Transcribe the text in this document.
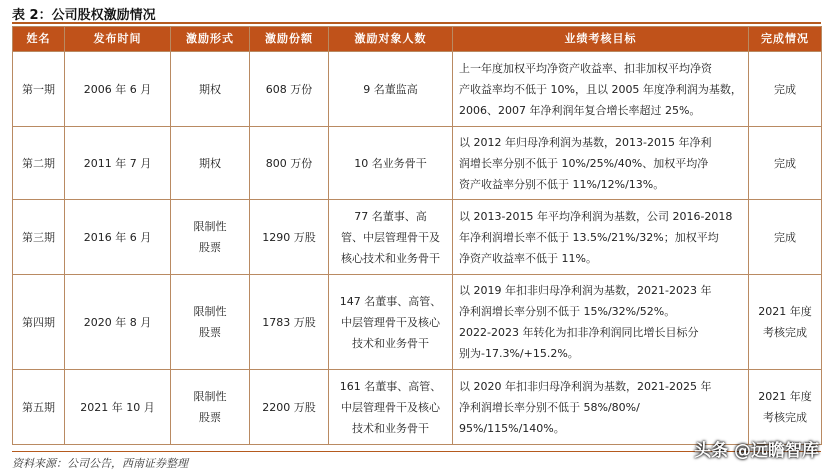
表 2：公司股权激励情况
姓名	发布时间	激励形式	激励份额	激励对象人数	业绩考核目标	完成情况
第一期	2006 年 6 月	期权	608 万份	9 名董监高	上一年度加权平均净资产收益率、扣非加权平均净资
产收益率均不低于 10%，且以 2005 年度净利润为基数，
2006、2007 年净利润年复合增长率超过 25%。	完成

第二期	2011 年 7 月	期权	800 万份	10 名业务骨干	以 2012 年归母净利润为基数，2013-2015 年净利
润增长率分别不低于 10%/25%/40%、加权平均净
资产收益率分别不低于 11%/12%/13%。	完成

第三期	2016 年 6 月	限制性
股票	1290 万股	77 名董事、高
管、中层管理骨干及
核心技术和业务骨干	以 2013-2015 年平均净利润为基数，公司 2016-2018
年净利润增长率不低于 13.5%/21%/32%；加权平均
净资产收益率不低于 11%。	完成

第四期	2020 年 8 月	限制性
股票	1783 万股	147 名董事、高管、
中层管理骨干及核心
技术和业务骨干	以 2019 年扣非归母净利润为基数，2021-2023 年
净利润增长率分别不低于 15%/32%/52%。
2022-2023 年转化为扣非净利润同比增长目标分
别为-17.3%/+15.2%。	2021 年度
考核完成

第五期	2021 年 10 月	限制性
股票	2200 万股	161 名董事、高管、
中层管理骨干及核心
技术和业务骨干	以 2020 年扣非归母净利润为基数，2021-2025 年
净利润增长率分别不低于 58%/80%/
95%/115%/140%。	2021 年度
考核完成
资料来源：公司公告，西南证券整理
头条 @远瞻智库
